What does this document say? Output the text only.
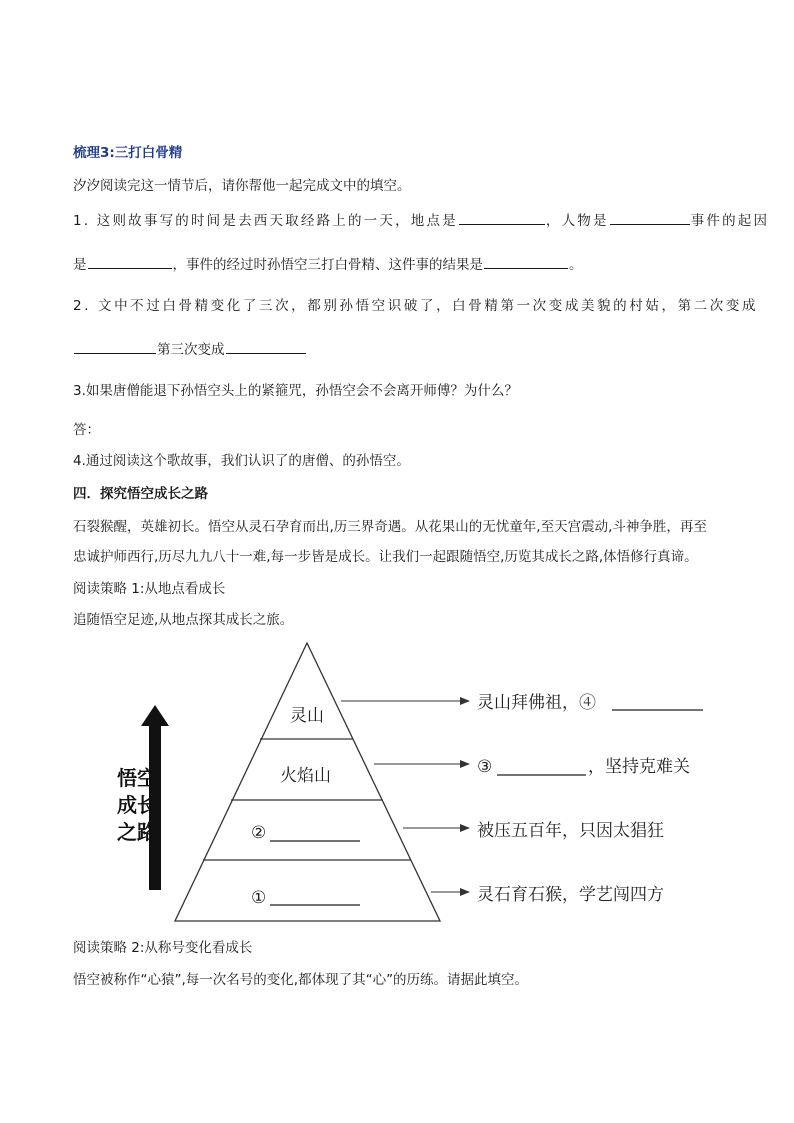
梳理3:三打白骨精
汐汐阅读完这一情节后，请你帮他一起完成文中的填空。
1. 这则故事写的时间是去西天取经路上的一天，地点是	，人物是	事件的起因
是	，事件的经过时孙悟空三打白骨精、这件事的结果是	。
2. 文中不过白骨精变化了三次，都别孙悟空识破了，白骨精第一次变成美貌的村姑，第二次变成
第三次变成
3.如果唐僧能退下孙悟空头上的紧箍咒，孙悟空会不会离开师傅？为什么？
答：
4.通过阅读这个歌故事，我们认识了的唐僧、的孙悟空。
四．探究悟空成长之路
石裂猴醒，英雄初长。悟空从灵石孕育而出,历三界奇遇。从花果山的无忧童年,至天宫震动,斗神争胜，再至
忠诚护师西行,历尽九九八十一难,每一步皆是成长。让我们一起跟随悟空,历览其成长之路,体悟修行真谛。
阅读策略 1:从地点看成长
追随悟空足迹,从地点探其成长之旅。
悟空
成长
之路
灵山
火焰山
②
①
灵山拜佛祖，④
③	，坚持克难关
被压五百年，只因太猖狂
灵石育石猴，学艺闯四方
阅读策略 2:从称号变化看成长
悟空被称作“心猿”,每一次名号的变化,都体现了其“心”的历练。请据此填空。
